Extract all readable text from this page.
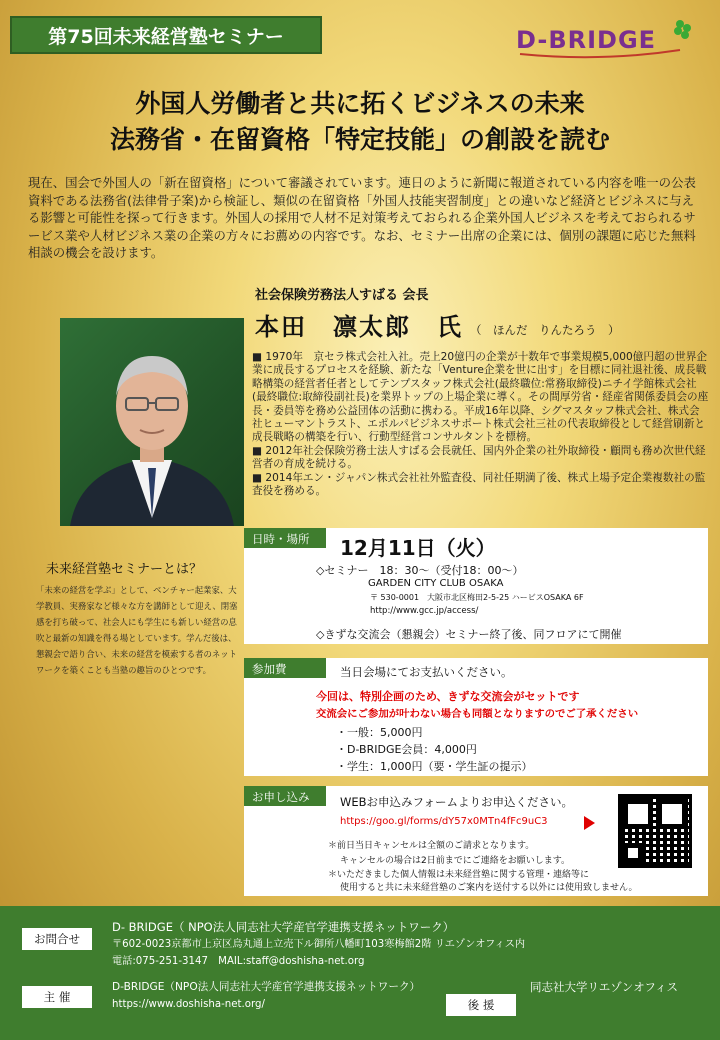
第75回未来経営塾セミナー	D-BRIDGE
外国人労働者と共に拓くビジネスの未来
法務省・在留資格「特定技能」の創設を読む
現在、国会で外国人の「新在留資格」について審議されています。連日のように新聞に報道されている内容を唯一の公表資料である法務省(法律骨子案)から検証し、類似の在留資格「外国人技能実習制度」との違いなど経済とビジネスに与える影響と可能性を探って行きます。外国人の採用で人材不足対策考えておられる企業外国人ビジネスを考えておられるサービス業や人材ビジネス業の企業の方々にお薦めの内容です。なお、セミナー出席の企業には、個別の課題に応じた無料相談の機会を設けます。
社会保険労務法人すばる 会長
本田　凛太郎　氏 （　ほんだ　りんたろう　）

■ 1970年　京セラ株式会社入社。売上20億円の企業が十数年で事業規模5,000億円超の世界企業に成長するプロセスを経験、新たな「Venture企業を世に出す」を目標に同社退社後、成長戦略構築の経営者任者としてテンプスタッフ株式会社(最終職位:常務取締役)ニチイ学館株式会社(最終職位:取締役副社長)を業界トップの上場企業に導く。その間厚労省・経産省関係委員会の座長・委員等を務め公益団体の活動に携わる。平成16年以降、シグマスタッフ株式会社、株式会社ヒューマントラスト、エポルパビジネスサポート株式会社三社の代表取締役として経営刷新と成長戦略の構築を行い、行動型経営コンサルタントを標榜。

■ 2012年社会保険労務士法人すばる会長就任、国内外企業の社外取締役・顧問も務め次世代経営者の育成を続ける。

■ 2014年エン・ジャパン株式会社社外監査役、同社任期満了後、株式上場予定企業複数社の監査役を務める。

未来経営塾セミナーとは？
「未来の経営を学ぶ」として、ベンチャー起業家、大学教員、実務家など様々な方を講師として迎え、閉塞感を打ち破って、社会人にも学生にも新しい経営の息吹と最新の知識を得る場としています。学んだ後は、懇親会で語り合い、未来の経営を模索する者のネットワークを築くことも当塾の趣旨のひとつです。
日時・場所	12月11日（火）
◇セミナー　18：30～（受付18：00～）
GARDEN CITY CLUB OSAKA
〒 530-0001　大阪市北区梅田2-5-25 ハービスOSAKA 6F
http://www.gcc.jp/access/
◇きずな交流会（懇親会）セミナー終了後、同フロアにて開催
参加費	当日会場にてお支払いください。
今回は、特別企画のため、きずな交流会がセットです
交流会にご参加が叶わない場合も同額となりますのでご了承ください
・一般：5,000円
・D-BRIDGE会員：4,000円
・学生：1,000円（要・学生証の提示）
お申し込み	WEBお申込みフォームよりお申込ください。
https://goo.gl/forms/dY57x0MTn4fFc9uC3
＊前日当日キャンセルは全額のご請求となります。
キャンセルの場合は2日前までにご連絡をお願いします。
＊いただきました個人情報は未来経営塾に関する管理・連絡等に
使用すると共に未来経営塾のご案内を送付する以外には使用致しません。
お問合せ
D- BRIDGE（ NPO法人同志社大学産官学連携支援ネットワーク）
〒602-0023京都市上京区烏丸通上立売下ル御所八幡町103寒梅館2階 リエゾンオフィス内
電話:075-251-3147　MAIL:staff@doshisha-net.org
主 催
D-BRIDGE（NPO法人同志社大学産官学連携支援ネットワーク）
https://www.doshisha-net.org/	後 援
同志社大学リエゾンオフィス
